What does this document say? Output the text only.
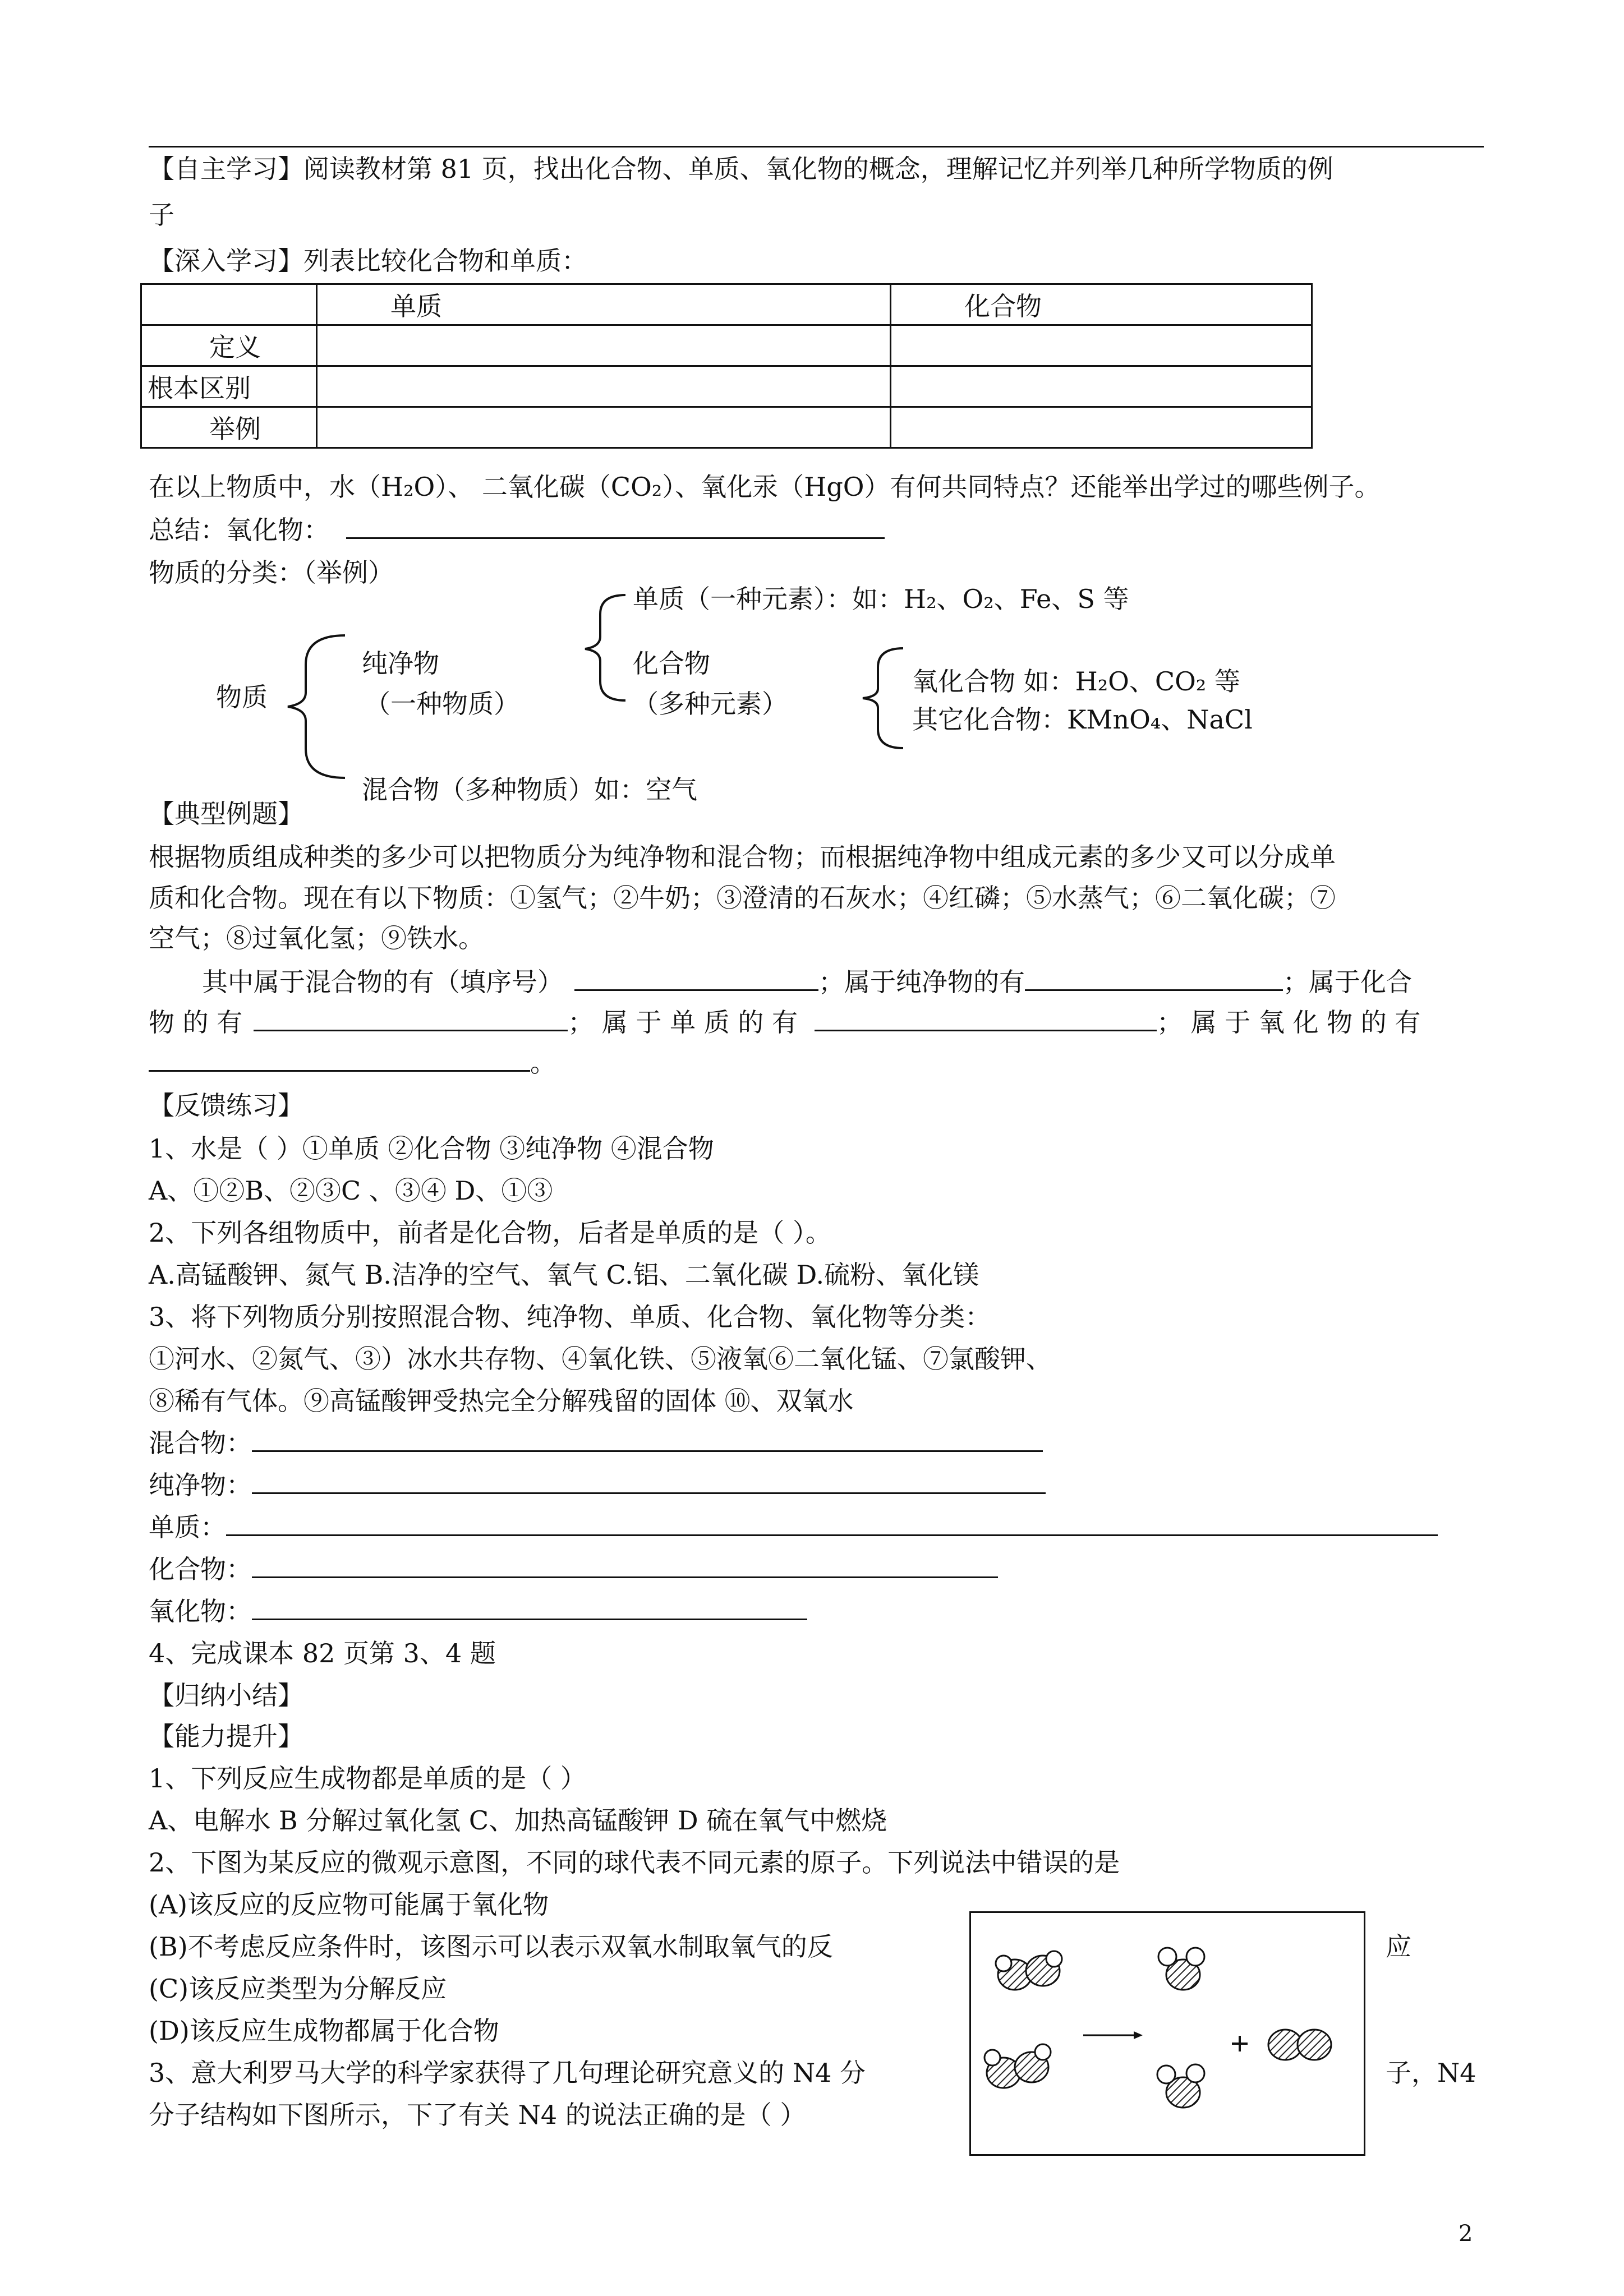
【自主学习】阅读教材第 81 页，找出化合物、单质、氧化物的概念，理解记忆并列举几种所学物质的例
子
【深入学习】列表比较化合物和单质：
	单质	化合物
定义		
根本区别		
举例		
在以上物质中，水（H₂O）、 二氧化碳（CO₂）、氧化汞（HgO）有何共同特点？还能举出学过的哪些例子。
总结：氧化物：
物质的分类：（举例）
单质（一种元素）：如：H₂、O₂、Fe、S 等
纯净物	化合物
氧化合物 如：H₂O、CO₂ 等
物质	（一种物质）	（多种元素）
其它化合物：KMnO₄、NaCl
混合物（多种物质）如：空气
【典型例题】
根据物质组成种类的多少可以把物质分为纯净物和混合物；而根据纯净物中组成元素的多少又可以分成单
质和化合物。现在有以下物质：①氢气；②牛奶；③澄清的石灰水；④红磷；⑤水蒸气；⑥二氧化碳；⑦
空气；⑧过氧化氢；⑨铁水。
其中属于混合物的有（填序号）	；属于纯净物的有	；属于化合
物 的 有	； 属 于 单 质 的 有	； 属 于 氧 化 物 的 有
。
【反馈练习】
1、水是（ ）①单质 ②化合物 ③纯净物 ④混合物
A、①②B、②③C 、③④ D、①③
2、下列各组物质中，前者是化合物，后者是单质的是（ ）。
A.高锰酸钾、氮气 B.洁净的空气、氧气 C.铝、二氧化碳 D.硫粉、氧化镁
3、将下列物质分别按照混合物、纯净物、单质、化合物、氧化物等分类：
①河水、②氮气、③）冰水共存物、④氧化铁、⑤液氧⑥二氧化锰、⑦氯酸钾、
⑧稀有气体。⑨高锰酸钾受热完全分解残留的固体 ⑩、双氧水
混合物：
纯净物：
单质：
化合物：
氧化物：
4、完成课本 82 页第 3、4 题
【归纳小结】
【能力提升】
1、下列反应生成物都是单质的是（ ）
A、电解水 B 分解过氧化氢 C、加热高锰酸钾 D 硫在氧气中燃烧
2、下图为某反应的微观示意图，不同的球代表不同元素的原子。下列说法中错误的是
(A)该反应的反应物可能属于氧化物
(B)不考虑反应条件时，该图示可以表示双氧水制取氧气的反	应
(C)该反应类型为分解反应
(D)该反应生成物都属于化合物
3、意大利罗马大学的科学家获得了几句理论研究意义的 N4 分	子，N4
分子结构如下图所示，下了有关 N4 的说法正确的是（ ）
2
